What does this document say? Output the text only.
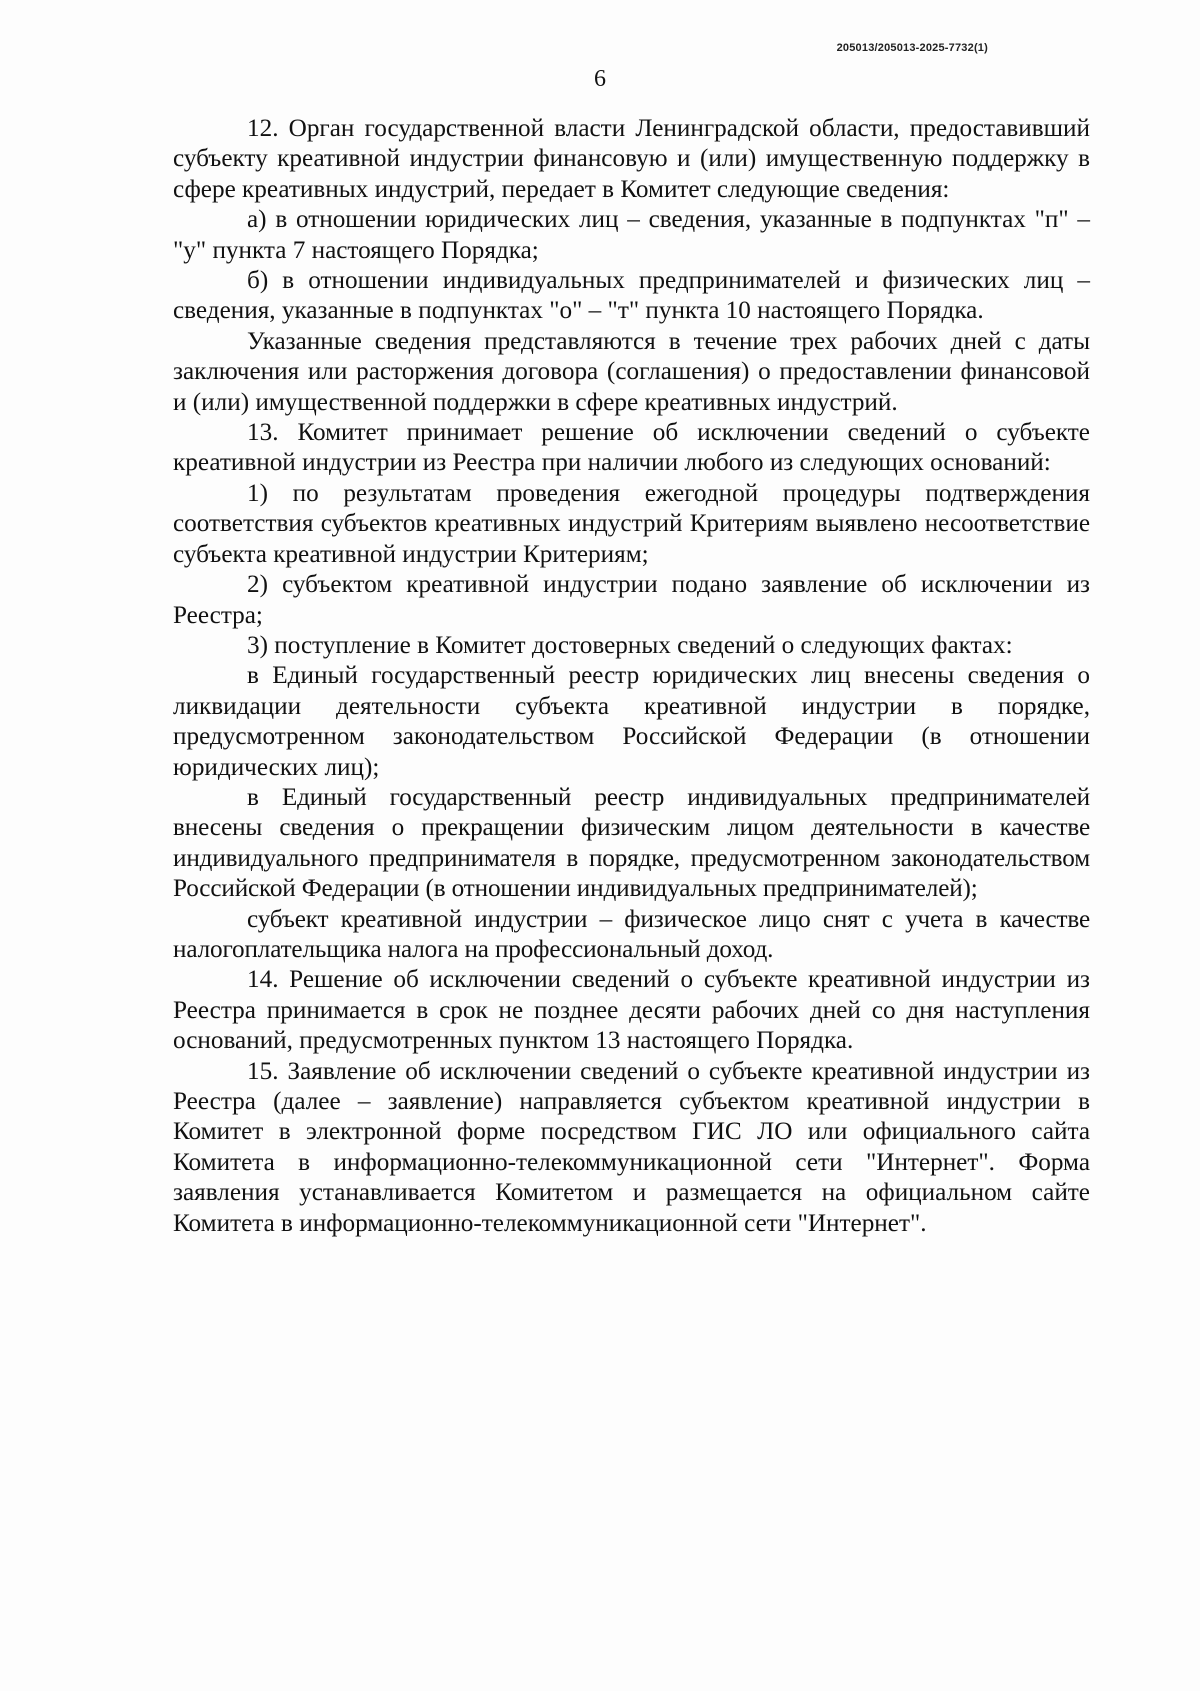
205013/205013-2025-7732(1)
6

12. Орган государственной власти Ленинградской области, предоставивший субъекту креативной индустрии финансовую и (или) имущественную поддержку в сфере креативных индустрий, передает в Комитет следующие сведения:

а) в отношении юридических лиц – сведения, указанные в подпунктах "п" – "у" пункта 7 настоящего Порядка;

б) в отношении индивидуальных предпринимателей и физических лиц – сведения, указанные в подпунктах "о" – "т" пункта 10 настоящего Порядка.

Указанные сведения представляются в течение трех рабочих дней с даты заключения или расторжения договора (соглашения) о предоставлении финансовой и (или) имущественной поддержки в сфере креативных индустрий.

13. Комитет принимает решение об исключении сведений о субъекте креативной индустрии из Реестра при наличии любого из следующих оснований:

1) по результатам проведения ежегодной процедуры подтверждения соответствия субъектов креативных индустрий Критериям выявлено несоответствие субъекта креативной индустрии Критериям;

2) субъектом креативной индустрии подано заявление об исключении из Реестра;

3) поступление в Комитет достоверных сведений о следующих фактах:

в Единый государственный реестр юридических лиц внесены сведения о ликвидации деятельности субъекта креативной индустрии в порядке, предусмотренном законодательством Российской Федерации (в отношении юридических лиц);

в Единый государственный реестр индивидуальных предпринимателей внесены сведения о прекращении физическим лицом деятельности в качестве индивидуального предпринимателя в порядке, предусмотренном законодательством Российской Федерации (в отношении индивидуальных предпринимателей);

субъект креативной индустрии – физическое лицо снят с учета в качестве налогоплательщика налога на профессиональный доход.

14. Решение об исключении сведений о субъекте креативной индустрии из Реестра принимается в срок не позднее десяти рабочих дней со дня наступления оснований, предусмотренных пунктом 13 настоящего Порядка.

15. Заявление об исключении сведений о субъекте креативной индустрии из Реестра (далее – заявление) направляется субъектом креативной индустрии в Комитет в электронной форме посредством ГИС ЛО или официального сайта Комитета в информационно-телекоммуникационной сети "Интернет". Форма заявления устанавливается Комитетом и размещается на официальном сайте Комитета в информационно-телекоммуникационной сети "Интернет".
